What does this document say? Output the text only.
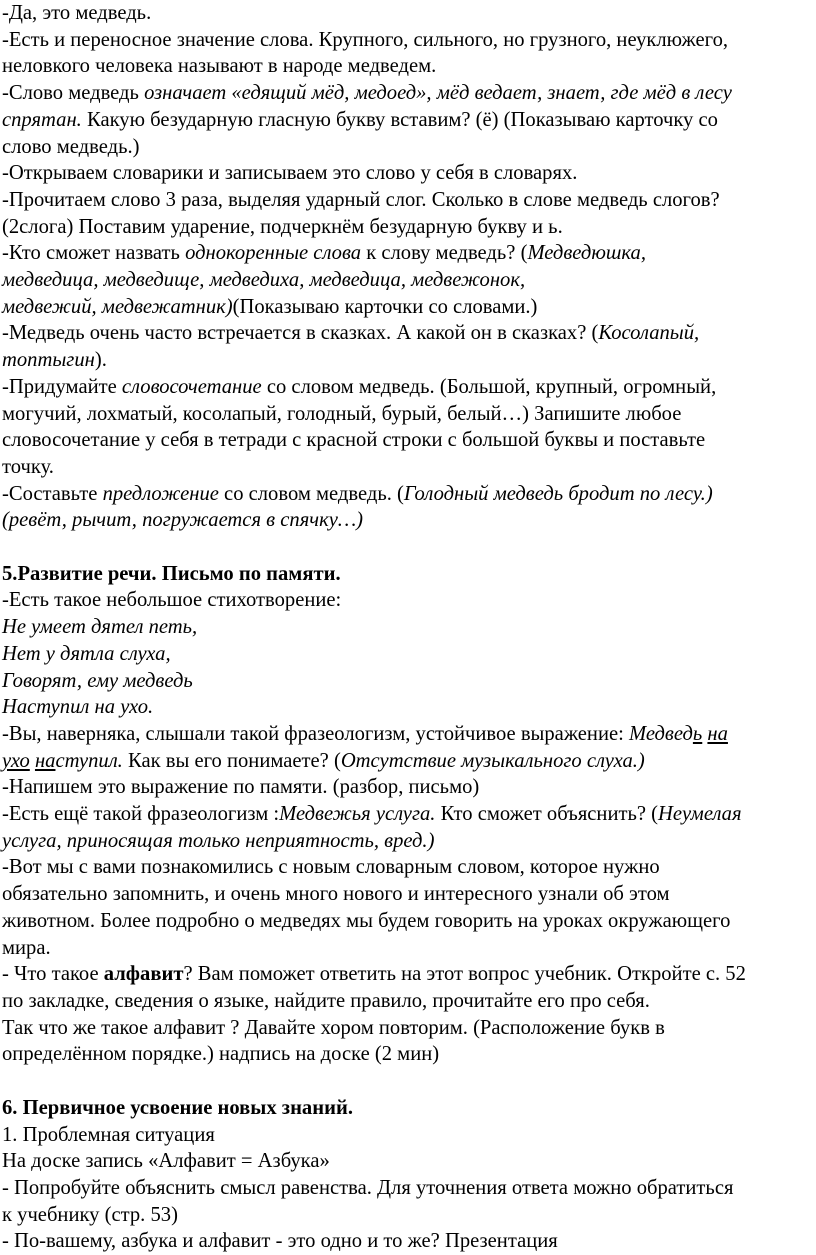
-Да, это медведь.

-Есть и переносное значение слова. Крупного, сильного, но грузного, неуклюжего,

неловкого человека называют в народе медведем.

-Слово медведь означает «едящий мёд, медоед», мёд ведает, знает, где мёд в лесу

спрятан. Какую безударную гласную букву вставим? (ё) (Показываю карточку со

слово медведь.)

-Открываем словарики и записываем это слово у себя в словарях.

-Прочитаем слово 3 раза, выделяя ударный слог. Сколько в слове медведь слогов?

(2слога) Поставим ударение, подчеркнём безударную букву и ь.

-Кто сможет назвать однокоренные слова к слову медведь? (Медведюшка,

медведица, медведище, медведиха, медведица, медвежонок,

медвежий, медвежатник)(Показываю карточки со словами.)

-Медведь очень часто встречается в сказках. А какой он в сказках? (Косолапый,

топтыгин).

-Придумайте словосочетание со словом медведь. (Большой, крупный, огромный,

могучий, лохматый, косолапый, голодный, бурый, белый…) Запишите любое

словосочетание у себя в тетради с красной строки с большой буквы и поставьте

точку.

-Составьте предложение со словом медведь. (Голодный медведь бродит по лесу.)

(ревёт, рычит, погружается в спячку…)

5.Развитие речи. Письмо по памяти.

-Есть такое небольшое стихотворение:

Не умеет дятел петь,

Нет у дятла слуха,

Говорят, ему медведь

Наступил на ухо.

-Вы, наверняка, слышали такой фразеологизм, устойчивое выражение: Медведь на

ухо наступил. Как вы его понимаете? (Отсутствие музыкального слуха.)

-Напишем это выражение по памяти. (разбор, письмо)

-Есть ещё такой фразеологизм :Медвежья услуга. Кто сможет объяснить? (Неумелая

услуга, приносящая только неприятность, вред.)

-Вот мы с вами познакомились с новым словарным словом, которое нужно

обязательно запомнить, и очень много нового и интересного узнали об этом

животном. Более подробно о медведях мы будем говорить на уроках окружающего

мира.

- Что такое алфавит? Вам поможет ответить на этот вопрос учебник. Откройте с. 52

по закладке, сведения о языке, найдите правило, прочитайте его про себя.

Так что же такое алфавит ? Давайте хором повторим. (Расположение букв в

определённом порядке.) надпись на доске (2 мин)

6. Первичное усвоение новых знаний.

1. Проблемная ситуация

На доске запись «Алфавит = Азбука»

- Попробуйте объяснить смысл равенства. Для уточнения ответа можно обратиться

к учебнику (стр. 53)

- По-вашему, азбука и алфавит - это одно и то же? Презентация
